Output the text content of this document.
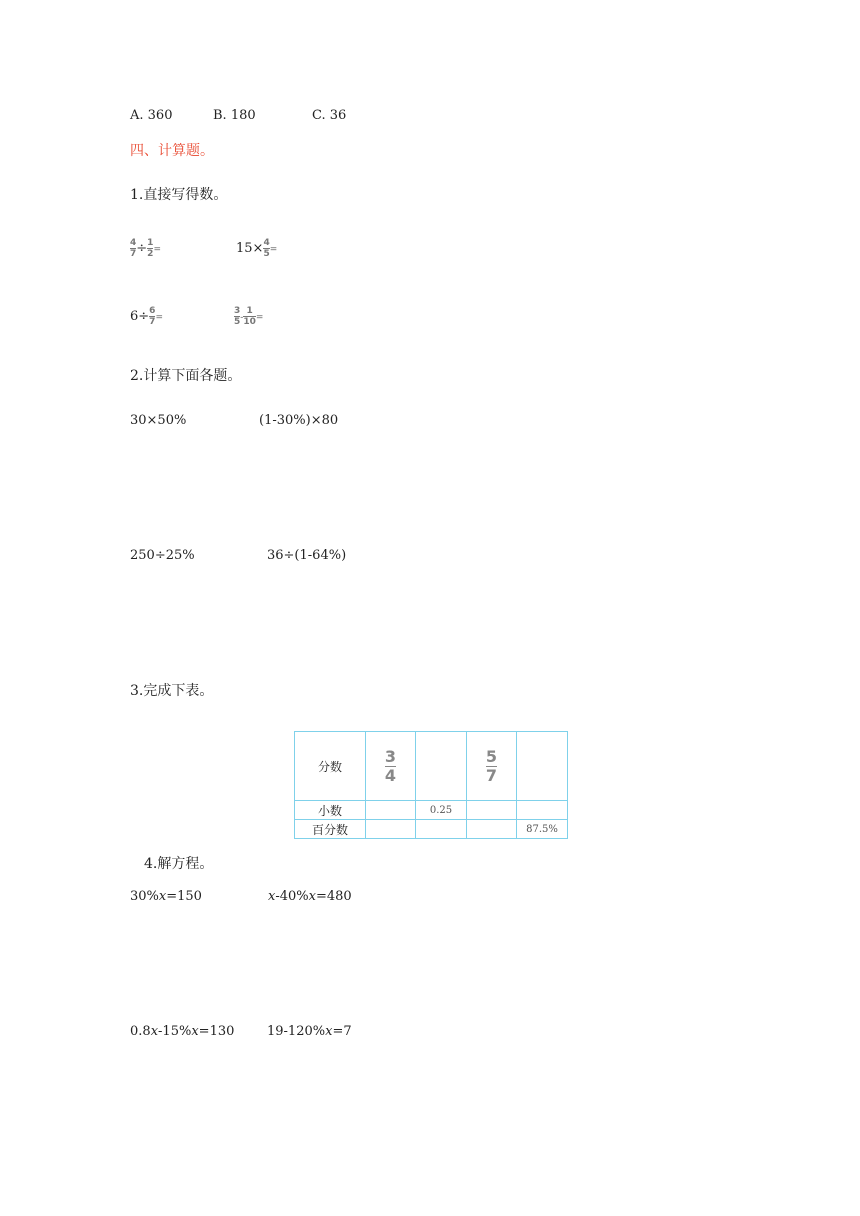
A. 360	B. 180	C. 36
四、计算题。
1.直接写得数。
$\frac{4}{7} \div \frac{1}{2}$ =	$15\times \frac{4}{5}$ =
$6\div \frac{6}{7}$ =	$\frac{3}{5} - \frac{1}{10}$ =
2.计算下面各题。
30×50%	(1-30%)×80
250÷25%	36÷(1-64%)
3.完成下表。
分数	$\frac{3}{4}$		$\frac{5}{7}$

小数		0.25		
百分数				87.5%
4.解方程。
30%x=150	x-40%x=480
0.8x-15%x=130	19-120%x=7
